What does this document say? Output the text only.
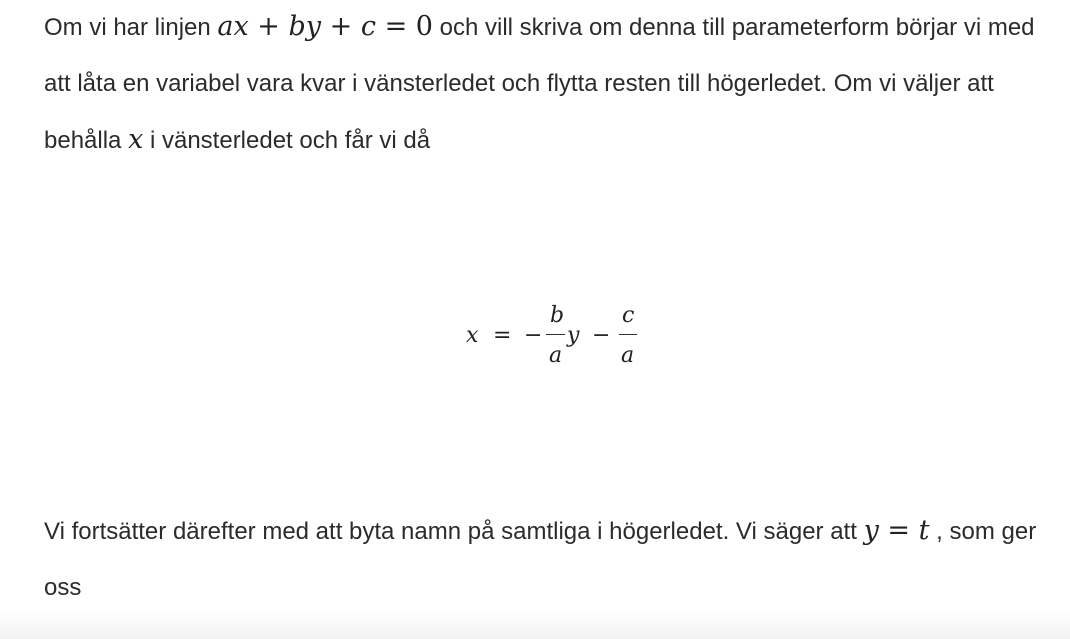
Om vi har linjen ax + by + c = 0 och vill skriva om denna till parameterform börjar vi med att låta en variabel vara kvar i vänsterledet och flytta resten till högerledet. Om vi väljer att behålla x i vänsterledet och får vi då

x = −
b
a
y −
c
a

Vi fortsätter därefter med att byta namn på samtliga i högerledet. Vi säger att y = t , som ger oss
